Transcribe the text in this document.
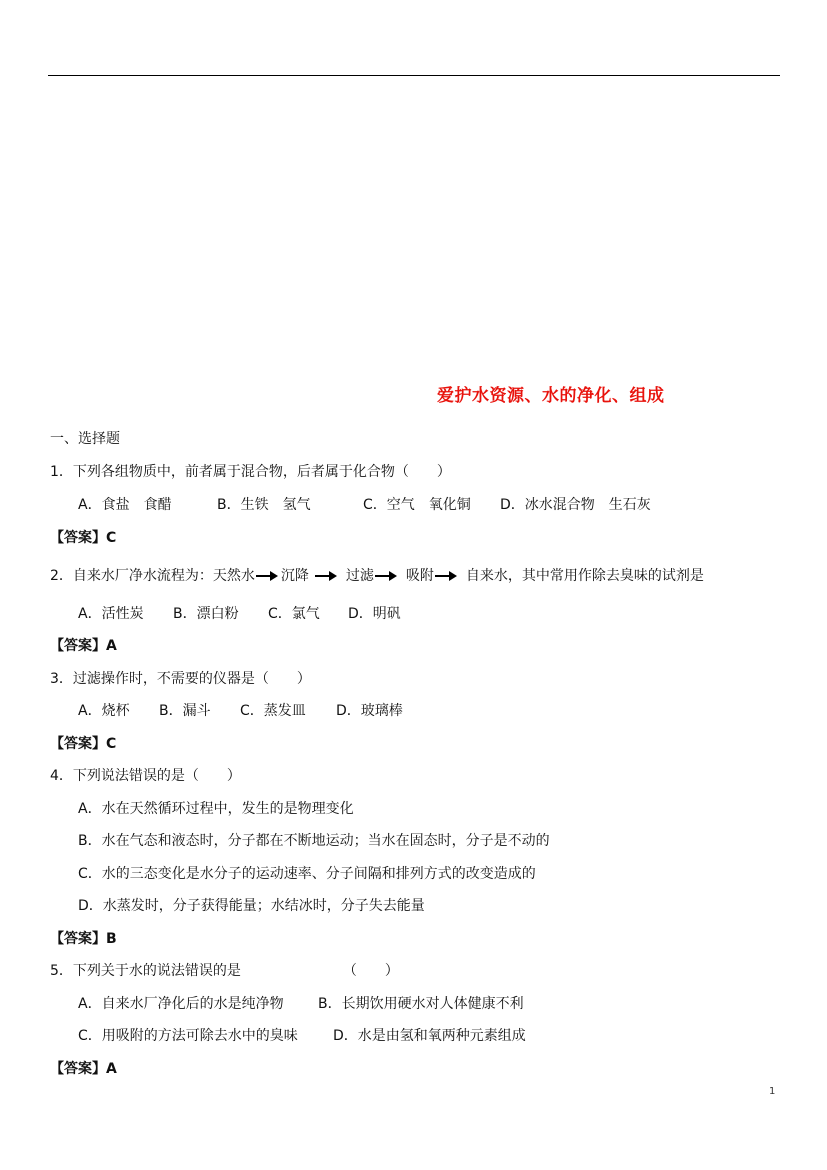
爱护水资源、水的净化、组成
一、选择题
1．下列各组物质中，前者属于混合物，后者属于化合物（　　）
A．食盐　食醋	B．生铁　氢气	C．空气　氧化铜 D．冰水混合物　生石灰
【答案】C
2．自来水厂净水流程为：天然水 沉降	过滤 吸附 自来水，其中常用作除去臭味的试剂是
A．活性炭 B．漂白粉 C．氯气 D．明矾
【答案】A
3．过滤操作时，不需要的仪器是（　　）
A．烧杯 B．漏斗 C．蒸发皿 D．玻璃棒
【答案】C
4．下列说法错误的是（　　）
A．水在天然循环过程中，发生的是物理变化
B．水在气态和液态时，分子都在不断地运动；当水在固态时，分子是不动的
C．水的三态变化是水分子的运动速率、分子间隔和排列方式的改变造成的
D．水蒸发时，分子获得能量；水结冰时，分子失去能量
【答案】B
5．下列关于水的说法错误的是	（　　）
A．自来水厂净化后的水是纯净物 B．长期饮用硬水对人体健康不利
C．用吸附的方法可除去水中的臭味	D．水是由氢和氧两种元素组成
【答案】A
1
